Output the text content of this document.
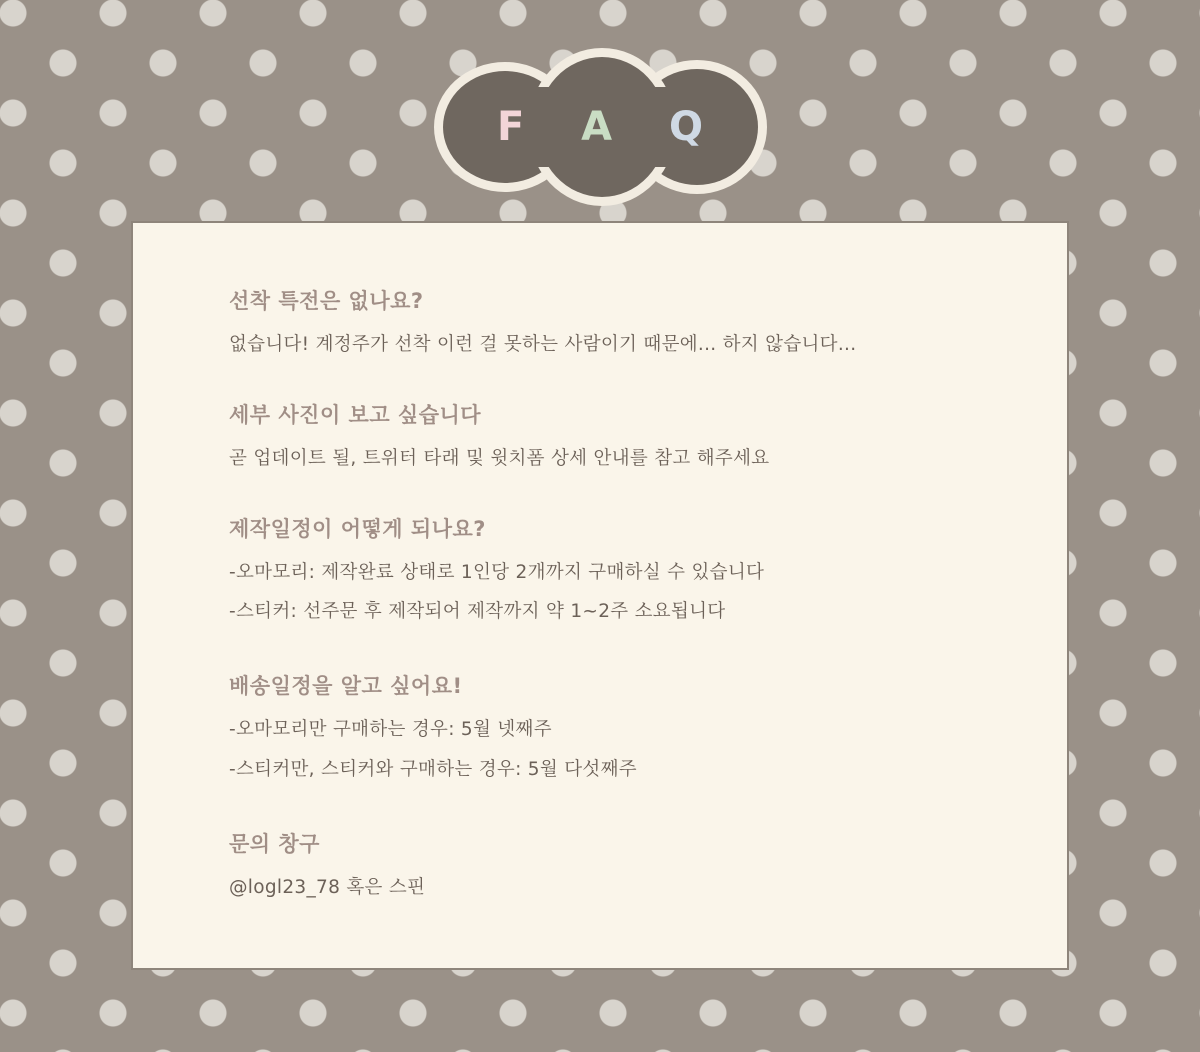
F A Q

선착 특전은 없나요?

없습니다! 계정주가 선착 이런 걸 못하는 사람이기 때문에... 하지 않습니다...

세부 사진이 보고 싶습니다

곧 업데이트 될, 트위터 타래 및 윗치폼 상세 안내를 참고 해주세요

제작일정이 어떻게 되나요?

-오마모리: 제작완료 상태로 1인당 2개까지 구매하실 수 있습니다

-스티커: 선주문 후 제작되어 제작까지 약 1~2주 소요됩니다

배송일정을 알고 싶어요!

-오마모리만 구매하는 경우: 5월 넷째주

-스티커만, 스티커와 구매하는 경우: 5월 다섯째주

문의 창구

@logl23_78 혹은 스핀
